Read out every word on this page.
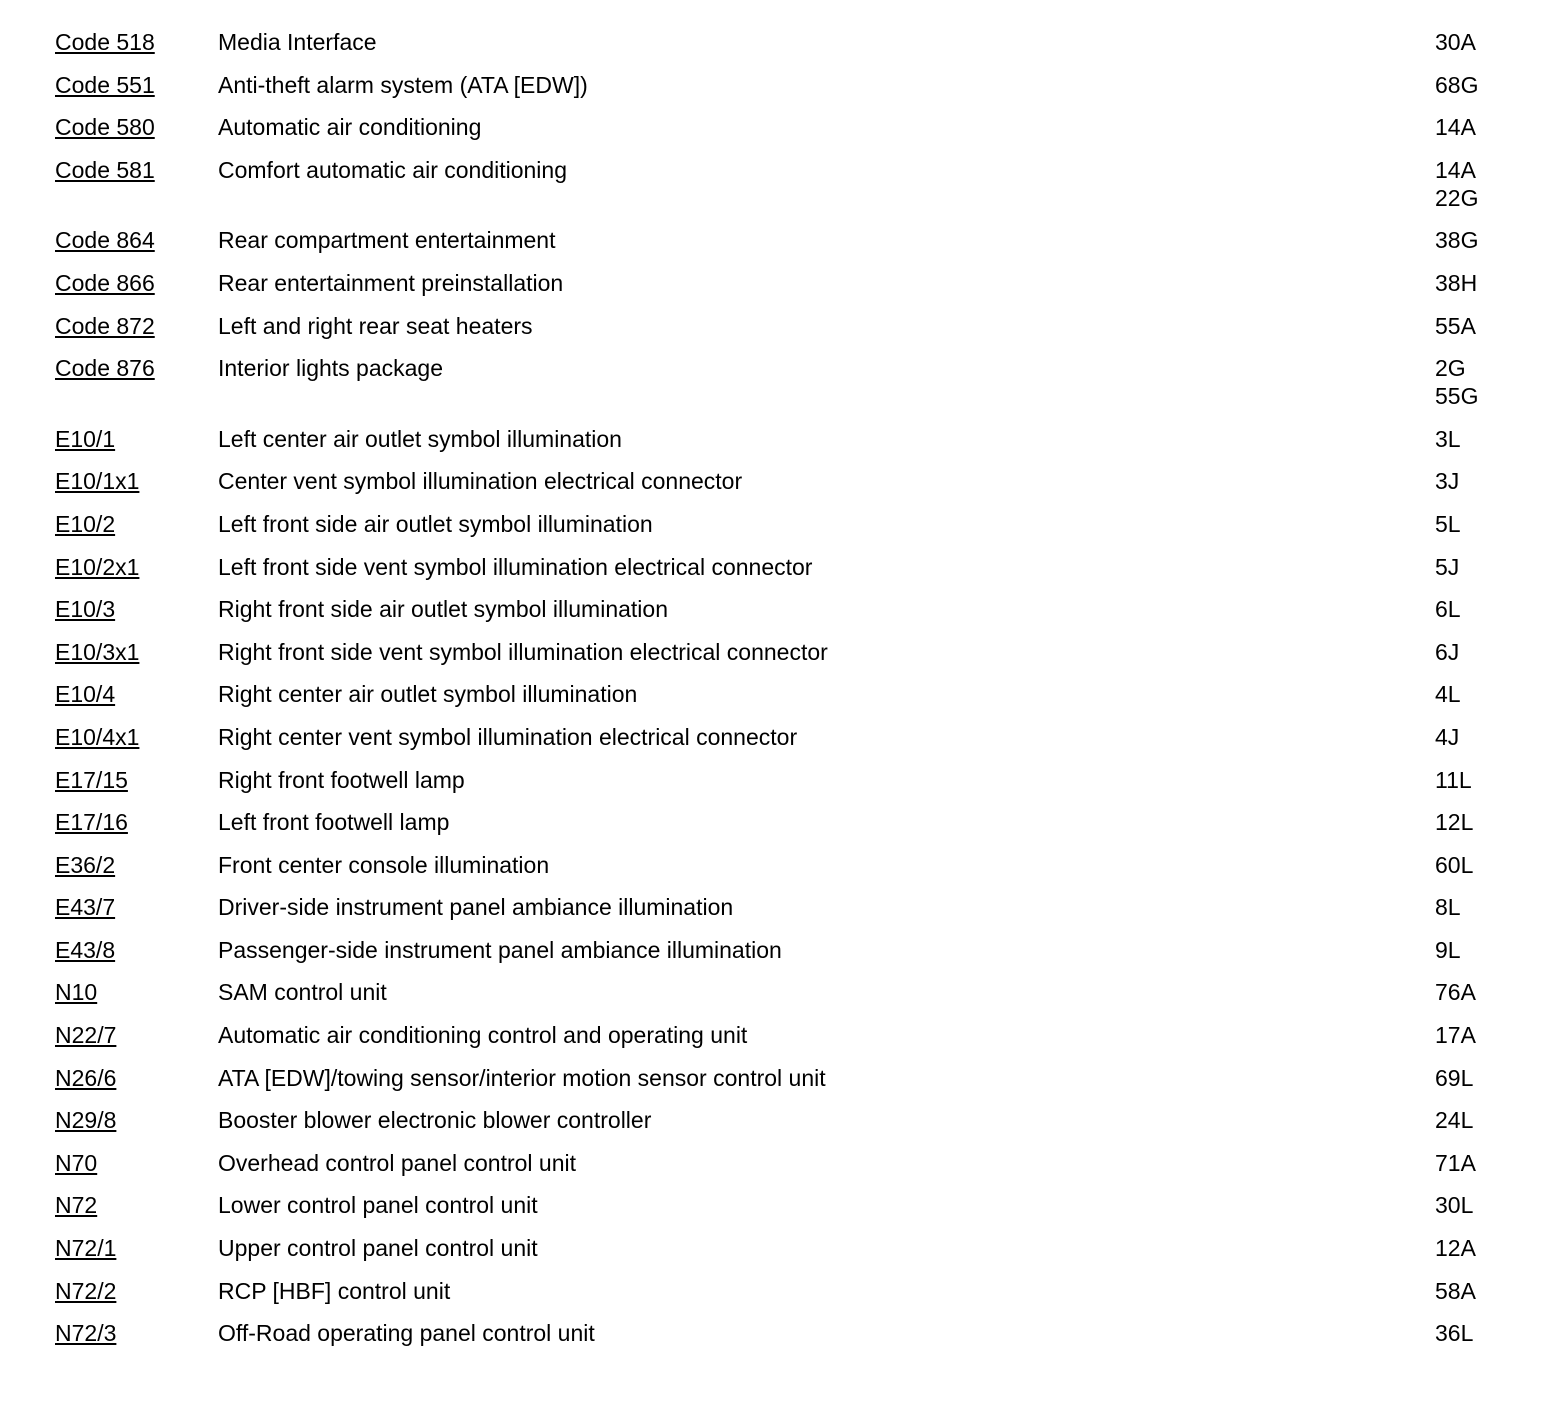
Code 518	Media Interface	30A

Code 551	Anti-theft alarm system (ATA [EDW])	68G

Code 580	Automatic air conditioning	14A

Code 581	Comfort automatic air conditioning	14A
22G

Code 864	Rear compartment entertainment	38G

Code 866	Rear entertainment preinstallation	38H

Code 872	Left and right rear seat heaters	55A

Code 876	Interior lights package	2G
55G

E10/1	Left center air outlet symbol illumination	3L

E10/1x1	Center vent symbol illumination electrical connector	3J

E10/2	Left front side air outlet symbol illumination	5L

E10/2x1	Left front side vent symbol illumination electrical connector	5J

E10/3	Right front side air outlet symbol illumination	6L

E10/3x1	Right front side vent symbol illumination electrical connector	6J

E10/4	Right center air outlet symbol illumination	4L

E10/4x1	Right center vent symbol illumination electrical connector	4J

E17/15	Right front footwell lamp	11L

E17/16	Left front footwell lamp	12L

E36/2	Front center console illumination	60L

E43/7	Driver-side instrument panel ambiance illumination	8L

E43/8	Passenger-side instrument panel ambiance illumination	9L

N10	SAM control unit	76A

N22/7	Automatic air conditioning control and operating unit	17A

N26/6	ATA [EDW]/towing sensor/interior motion sensor control unit	69L

N29/8	Booster blower electronic blower controller	24L

N70	Overhead control panel control unit	71A

N72	Lower control panel control unit	30L

N72/1	Upper control panel control unit	12A

N72/2	RCP [HBF] control unit	58A

N72/3	Off-Road operating panel control unit	36L
